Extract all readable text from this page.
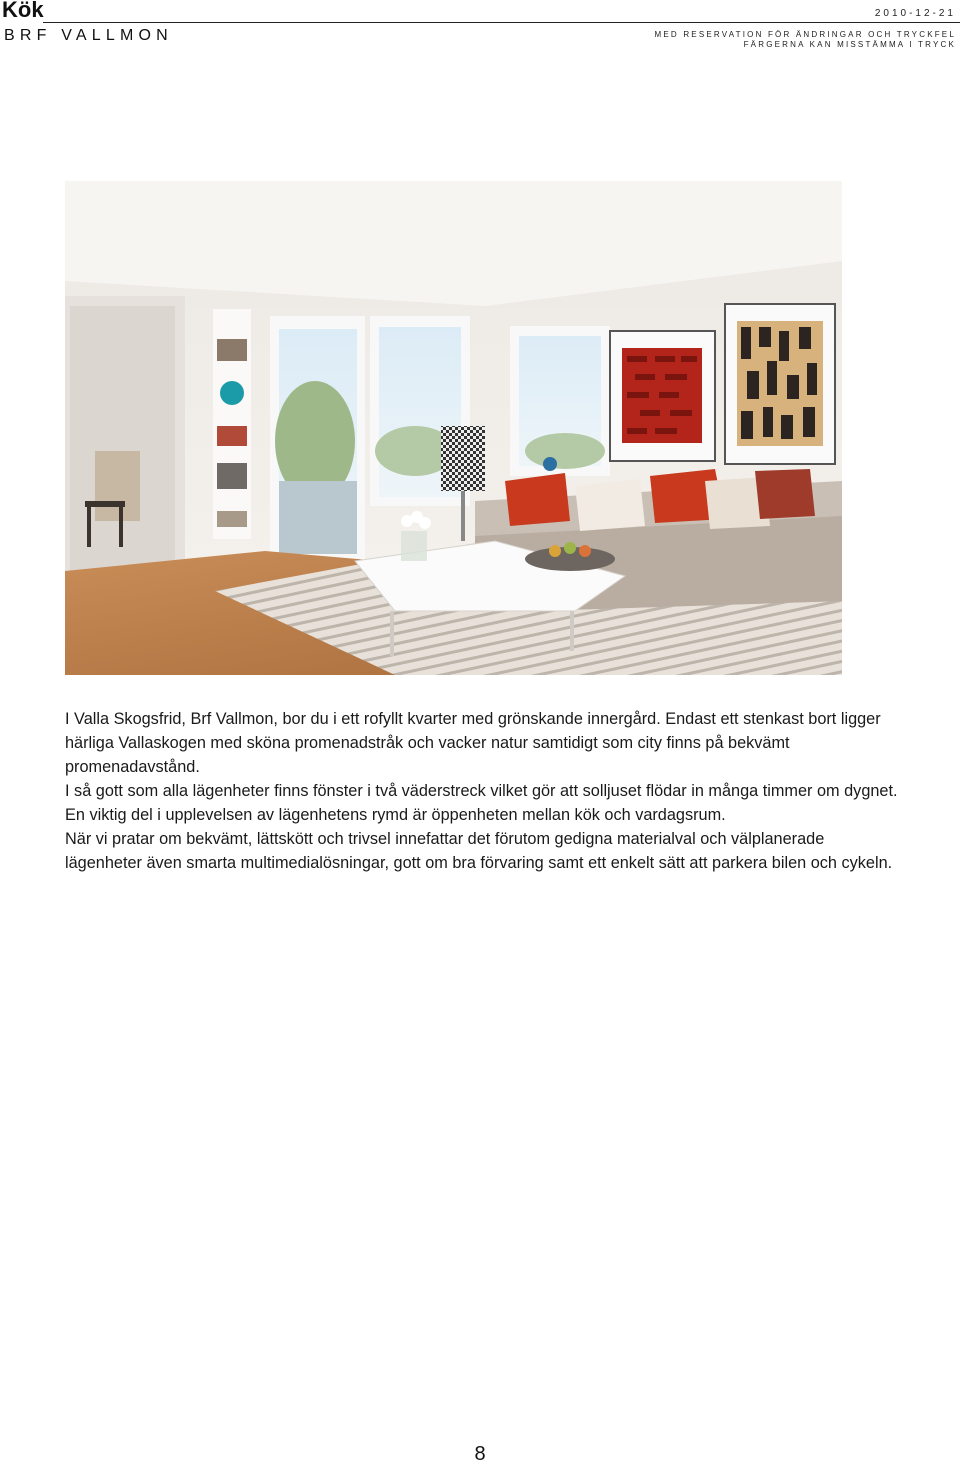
Kök	2010-12-21
BRF VALLMON	MED RESERVATION FÖR ÄNDRINGAR OCH TRYCKFEL
FÄRGERNA KAN MISSTÄMMA I TRYCK

I Valla Skogsfrid, Brf Vallmon, bor du i ett rofyllt kvarter med grönskande innergård. Endast ett stenkast bort ligger härliga Vallaskogen med sköna promenadstråk och vacker natur samtidigt som city finns på bekvämt promenadavstånd.

I så gott som alla lägenheter finns fönster i två väderstreck vilket gör att solljuset flödar in många timmer om dygnet. En viktig del i upplevelsen av lägenhetens rymd är öppenheten mellan kök och vardagsrum.

När vi pratar om bekvämt, lättskött och trivsel innefattar det förutom gedigna materialval och välplanerade lägenheter även smarta multimedialösningar, gott om bra förvaring samt ett enkelt sätt att parkera bilen och cykeln.

8
